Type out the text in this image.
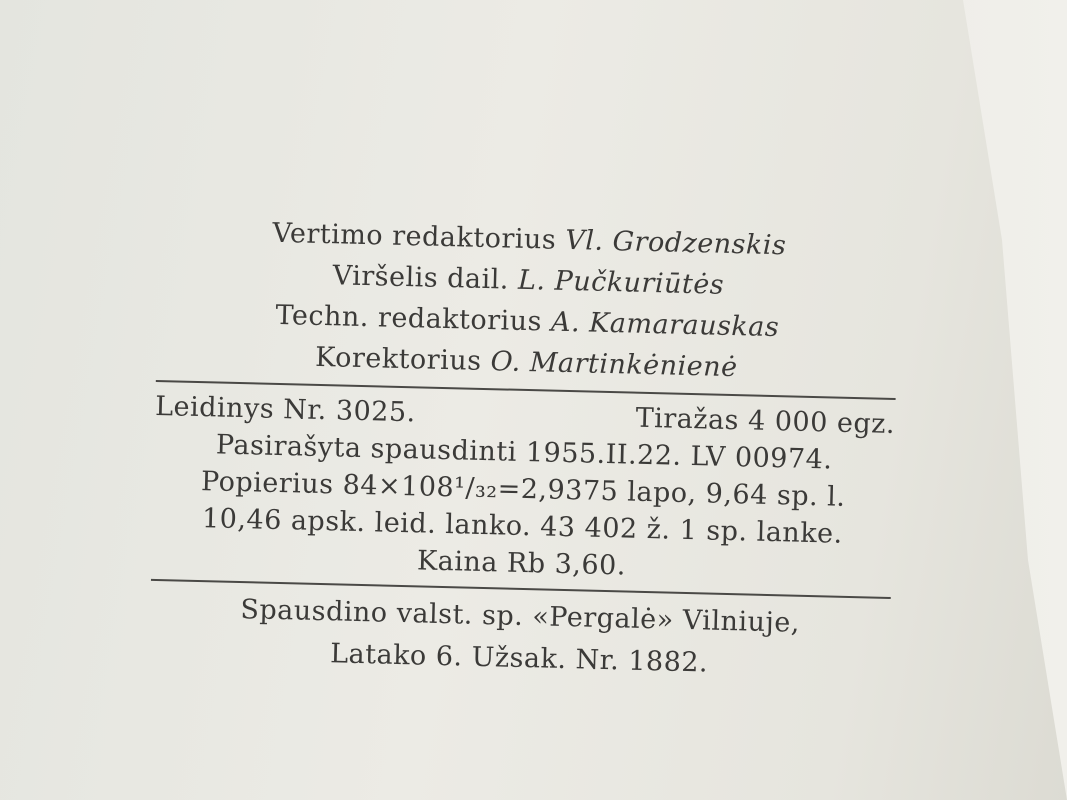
Vertimo redaktorius Vl. Grodzenskis
Viršelis dail. L. Pučkuriūtės
Techn. redaktorius A. Kamarauskas
Korektorius O. Martinkėnienė
Leidinys Nr. 3025.	Tiražas 4 000 egz.
Pasirašyta spausdinti 1955.II.22. LV 00974.
Popierius 84×108¹/₃₂=2,9375 lapo, 9,64 sp. l.
10,46 apsk. leid. lanko. 43 402 ž. 1 sp. lanke.
Kaina Rb 3,60.
Spausdino valst. sp. «Pergalė» Vilniuje,
Latako 6. Užsak. Nr. 1882.
